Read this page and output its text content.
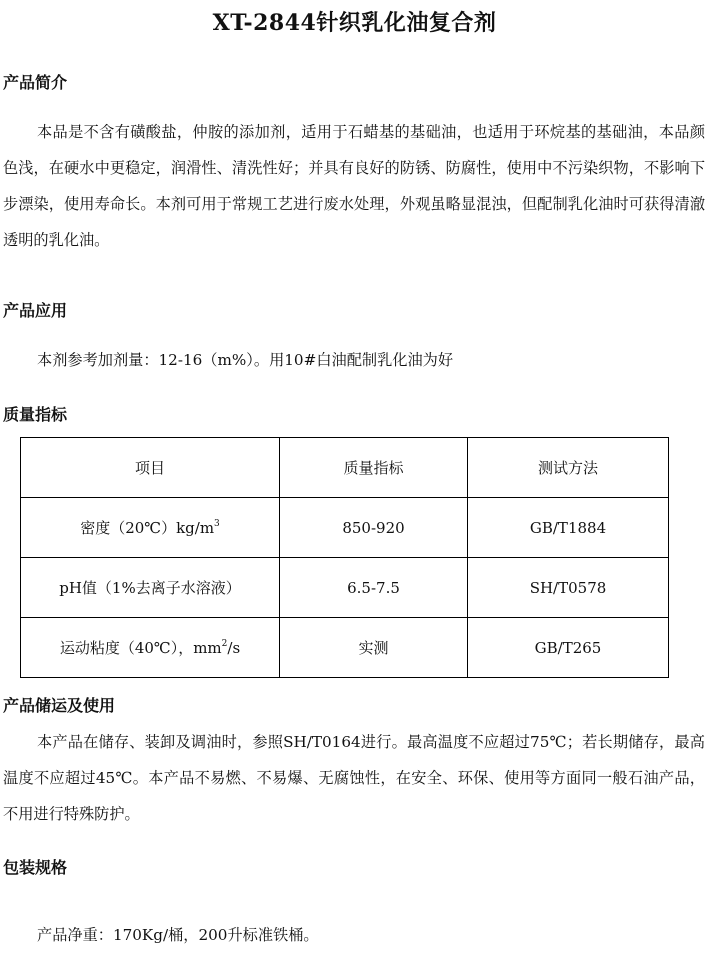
XT-2844针织乳化油复合剂
产品简介
本品是不含有磺酸盐，仲胺的添加剂，适用于石蜡基的基础油，也适用于环烷基的基础油，本品颜色浅，在硬水中更稳定，润滑性、清洗性好；并具有良好的防锈、防腐性，使用中不污染织物，不影响下步漂染，使用寿命长。本剂可用于常规工艺进行废水处理，外观虽略显混浊，但配制乳化油时可获得清澈透明的乳化油。
产品应用
本剂参考加剂量：12-16（m%）。用10#白油配制乳化油为好
质量指标
项目	质量指标	测试方法
密度$(20℃)kg/m^3$	850-920	GB/T1884
pH值（1%去离子水溶液）	6.5-7.5	SH/T0578
运动粘度（40℃），$mm^2/s$	实测	GB/T265
产品储运及使用
本产品在储存、装卸及调油时，参照SH/T0164进行。最高温度不应超过75℃；若长期储存，最高温度不应超过45℃。本产品不易燃、不易爆、无腐蚀性，在安全、环保、使用等方面同一般石油产品，不用进行特殊防护。
包装规格
产品净重：170Kg/桶，200升标准铁桶。
